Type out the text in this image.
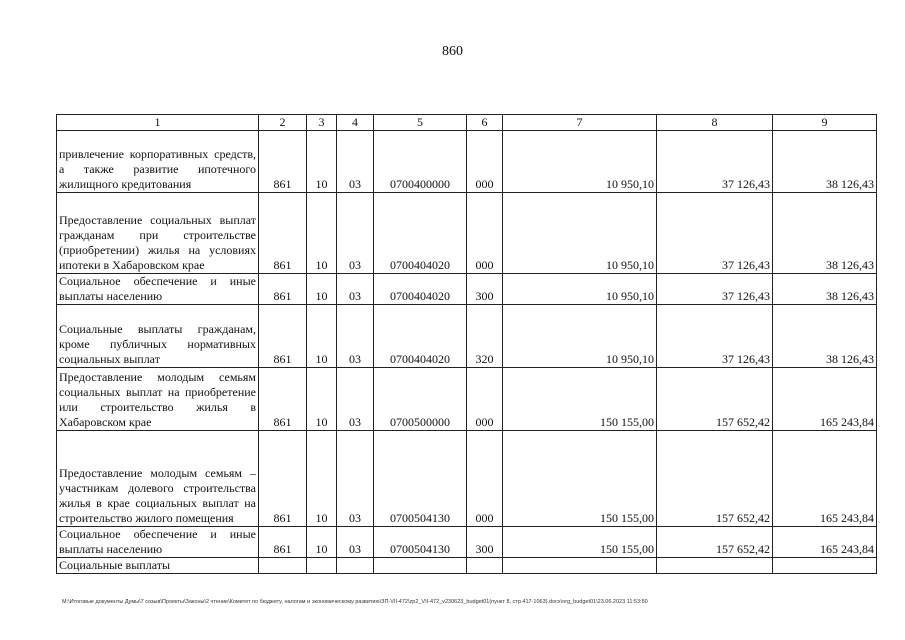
860
1	2	3	4	5	6	7	8	9
привлечение корпоративных средств, а также развитие ипотечного жилищного кредитования	861	10	03	0700400000	000	10 950,10	37 126,43	38 126,43
Предоставление социальных выплат гражданам при строительстве (приобретении) жилья на условиях ипотеки в Хабаровском крае	861	10	03	0700404020	000	10 950,10	37 126,43	38 126,43
Социальное обеспечение и иные выплаты населению	861	10	03	0700404020	300	10 950,10	37 126,43	38 126,43
Социальные выплаты гражданам, кроме публичных нормативных социальных выплат	861	10	03	0700404020	320	10 950,10	37 126,43	38 126,43
Предоставление молодым семьям социальных выплат на приобретение или строительство жилья в Хабаровском крае	861	10	03	0700500000	000	150 155,00	157 652,42	165 243,84
Предоставление молодым семьям – участникам долевого строительства жилья в крае социальных выплат на строительство жилого помещения	861	10	03	0700504130	000	150 155,00	157 652,42	165 243,84
Социальное обеспечение и иные выплаты населению	861	10	03	0700504130	300	150 155,00	157 652,42	165 243,84
Социальные выплаты								
M:\Итоговые документы Думы\7 созыв\Проекты\Законы\2 чтение\Комитет по бюджету, налогам и экономическому развитию\ЗП-VII-472\zp2_VII-472_v230623_budget01(пункт 8, стр.417-1063).docx\org_budget01\23.06.2023 11:53:50
